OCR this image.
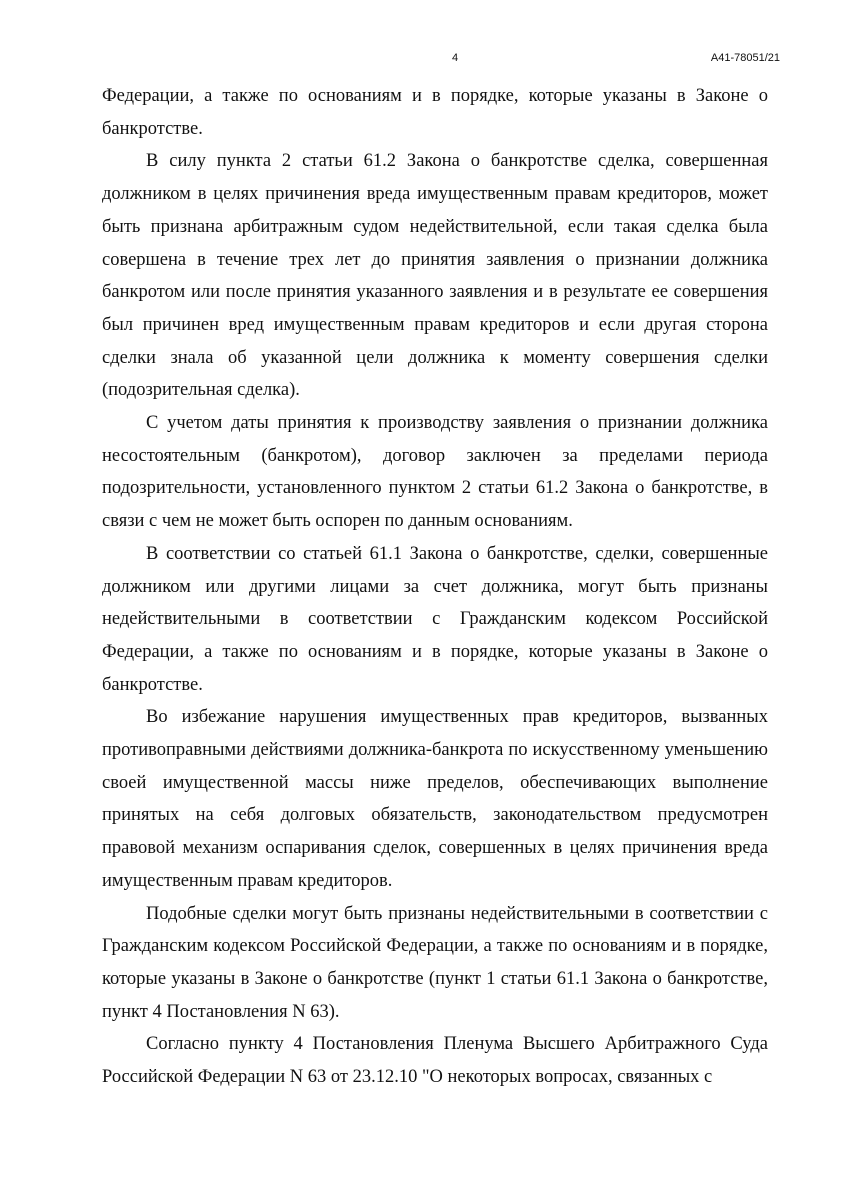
4	А41-78051/21

Федерации, а также по основаниям и в порядке, которые указаны в Законе о банкротстве.

В силу пункта 2 статьи 61.2 Закона о банкротстве сделка, совершенная должником в целях причинения вреда имущественным правам кредиторов, может быть признана арбитражным судом недействительной, если такая сделка была совершена в течение трех лет до принятия заявления о признании должника банкротом или после принятия указанного заявления и в результате ее совершения был причинен вред имущественным правам кредиторов и если другая сторона сделки знала об указанной цели должника к моменту совершения сделки (подозрительная сделка).

С учетом даты принятия к производству заявления о признании должника несостоятельным (банкротом), договор заключен за пределами периода подозрительности, установленного пунктом 2 статьи 61.2 Закона о банкротстве, в связи с чем не может быть оспорен по данным основаниям.

В соответствии со статьей 61.1 Закона о банкротстве, сделки, совершенные должником или другими лицами за счет должника, могут быть признаны недействительными в соответствии с Гражданским кодексом Российской Федерации, а также по основаниям и в порядке, которые указаны в Законе о банкротстве.

Во избежание нарушения имущественных прав кредиторов, вызванных противоправными действиями должника-банкрота по искусственному уменьшению своей имущественной массы ниже пределов, обеспечивающих выполнение принятых на себя долговых обязательств, законодательством предусмотрен правовой механизм оспаривания сделок, совершенных в целях причинения вреда имущественным правам кредиторов.

Подобные сделки могут быть признаны недействительными в соответствии с Гражданским кодексом Российской Федерации, а также по основаниям и в порядке, которые указаны в Законе о банкротстве (пункт 1 статьи 61.1 Закона о банкротстве, пункт 4 Постановления N 63).

Согласно пункту 4 Постановления Пленума Высшего Арбитражного Суда Российской Федерации N 63 от 23.12.10 "О некоторых вопросах, связанных с
